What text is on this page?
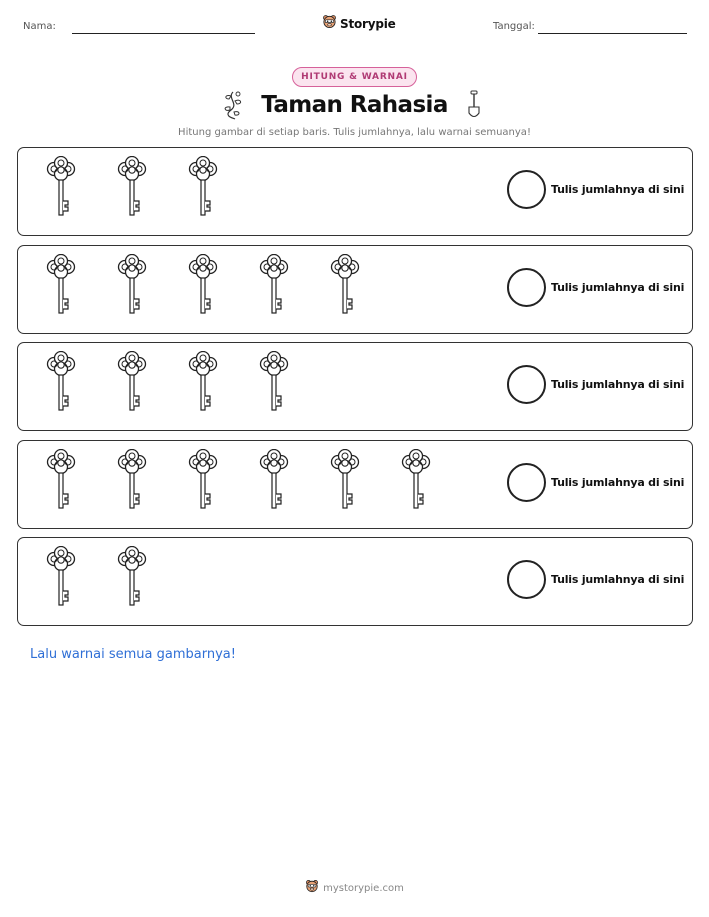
Nama:	Storypie	Tanggal:
HITUNG & WARNAI
Taman Rahasia
Hitung gambar di setiap baris. Tulis jumlahnya, lalu warnai semuanya!
Tulis jumlahnya di sini
Tulis jumlahnya di sini
Tulis jumlahnya di sini
Tulis jumlahnya di sini
Tulis jumlahnya di sini
Lalu warnai semua gambarnya!
mystorypie.com
